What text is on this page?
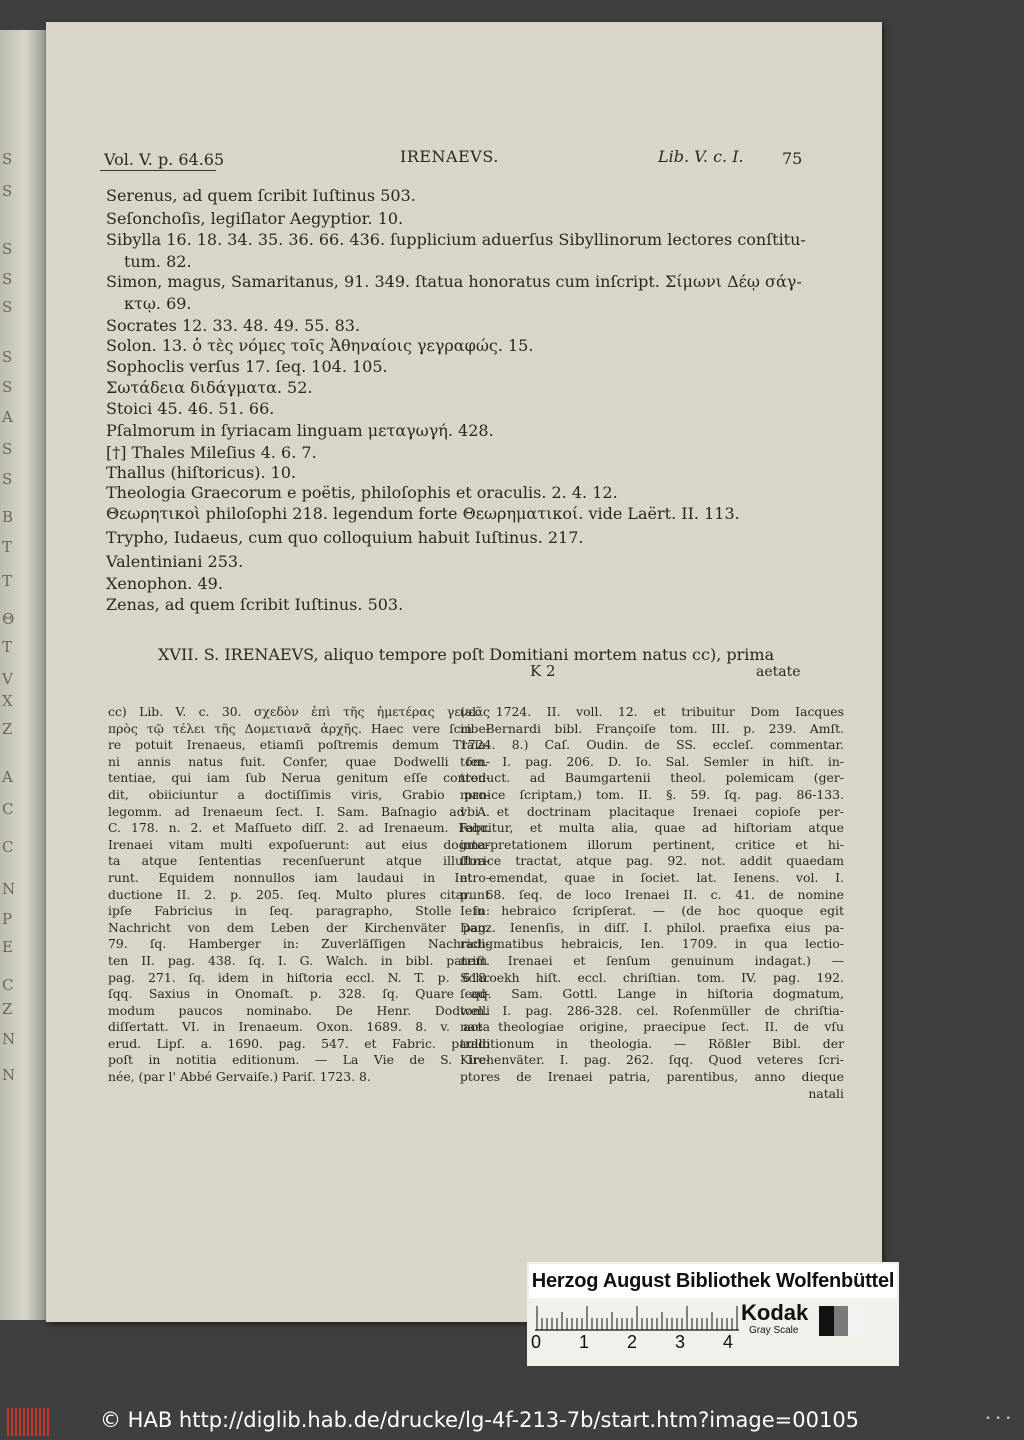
S
S
S
S
S
S
S
A
S
S
B
T
T
Θ
T
V
X
Z
A
C
C
N
P
E
C
Z
N
N
Vol. V. p. 64.65	IRENAEVS.	Lib. V. c. I. 75
Serenus, ad quem ſcribit Iuſtinus 503.
Seſonchoſis, legiſlator Aegyptior. 10.
Sibylla 16. 18. 34. 35. 36. 66. 436. ſupplicium aduerſus Sibyllinorum lectores conſtitu-
tum. 82.
Simon, magus, Samaritanus, 91. 349. ſtatua honoratus cum inſcript. Σίμωνι Δέῳ σάγ-
κτῳ. 69.
Socrates 12. 33. 48. 49. 55. 83.
Solon. 13. ὁ τὲς νόμες τοῖς Ἀθηναίοις γεγραφώς. 15.
Sophoclis verſus 17. ſeq. 104. 105.
Σωτάδεια διδάγματα. 52.
Stoici 45. 46. 51. 66.
Pſalmorum in ſyriacam linguam μεταγωγή. 428.
[†] Thales Mileſius 4. 6. 7.
Thallus (hiſtoricus). 10.
Theologia Graecorum e poëtis, philoſophis et oraculis. 2. 4. 12.
Θεωρητικοὶ philoſophi 218. legendum forte Θεωρηματικοί. vide Laërt. II. 113.
Trypho, Iudaeus, cum quo colloquium habuit Iuſtinus. 217.
Valentiniani 253.
Xenophon. 49.
Zenas, ad quem ſcribit Iuſtinus. 503.
XVII. S. IRENAEVS, aliquo tempore poſt Domitiani mortem natus cc), prima
K 2	aetate
cc) Lib. V. c. 30. σχεδὸν ἐπὶ τῆς ἡμετέρας γενεᾶς
πρὸς τῷ τέλει τῆς Δομετιανᾶ ἀρχῆς. Haec vere ſcribe-
re potuit Irenaeus, etiamſi poſtremis demum Traia-
ni annis natus fuit. Confer, quae Dodwelli ſen-
tentiae, qui iam ſub Nerua genitum eſſe conten-
dit, obiiciuntur a doctiſſimis viris, Grabio pro-
legomm. ad Irenaeum ſect. I. Sam. Baſnagio ad A.
C. 178. n. 2. et Maſſueto diſſ. 2. ad Irenaeum. Fabr.
Irenaei vitam multi expoſuerunt: aut eius dogma-
ta atque ſententias recenſuerunt atque illuſtra-
runt. Equidem nonnullos iam laudaui in Intro-
ductione II. 2. p. 205. ſeq. Multo plures citarunt
ipſe Fabricius in ſeq. paragrapho, Stolle in:
Nachricht von dem Leben der Kirchenväter pag.
79. ſq. Hamberger in: Zuverläſſigen Nachrich-
ten II. pag. 438. ſq. I. G. Walch. in bibl. patriſt.
pag. 271. ſq. idem in hiſtoria eccl. N. T. p. 618.
ſqq. Saxius in Onomaſt. p. 328. ſq. Quare ad-
modum paucos nominabo. De Henr. Dodwelli
diſſertatt. VI. in Irenaeum. Oxon. 1689. 8. v. acta
erud. Lipſ. a. 1690. pag. 547. et Fabric. paullo
poſt in notitia editionum. — La Vie de S. Ire-
née, (par l' Abbé Gervaiſe.) Pariſ. 1723. 8.
(al. 1724. II. voll. 12. et tribuitur Dom Iacques
in Bernardi bibl. Françoiſe tom. III. p. 239. Amſt.
1724. 8.) Caſ. Oudin. de SS. eccleſ. commentar.
tom. I. pag. 206. D. Io. Sal. Semler in hiſt. in-
troduct. ad Baumgartenii theol. polemicam (ger-
manice ſcriptam,) tom. II. §. 59. ſq. pag. 86-133.
vbi et doctrinam placitaque Irenaei copioſe per-
ſequitur, et multa alia, quae ad hiſtoriam atque
interpretationem illorum pertinent, critice et hi-
ſtorice tractat, atque pag. 92. not. addit quaedam
et emendat, quae in ſociet. lat. Ienens. vol. I.
p. 68. ſeq. de loco Irenaei II. c. 41. de nomine
Ieſu hebraico ſcripſerat. — (de hoc quoque egit
Danz. Ienenſis, in diſſ. I. philol. praefixa eius pa-
radigmatibus hebraicis, Ien. 1709. in qua lectio-
nem Irenaei et ſenſum genuinum indagat.) —
Schroekh hiſt. eccl. chriſtian. tom. IV. pag. 192.
ſeqq. Sam. Gottl. Lange in hiſtoria dogmatum,
tom. I. pag. 286-328. cel. Roſenmüller de chriſtia-
nae theologiae origine, praecipue ſect. II. de vſu
traditionum in theologia. — Rößler Bibl. der
Kirchenväter. I. pag. 262. ſqq. Quod veteres ſcri-
ptores de Irenaei patria, parentibus, anno dieque
natali
Herzog August Bibliothek Wolfenbüttel
0 1 2 3 4
Kodak
Gray Scale
© HAB http://diglib.hab.de/drucke/lg-4f-213-7b/start.htm?image=00105	• • •
